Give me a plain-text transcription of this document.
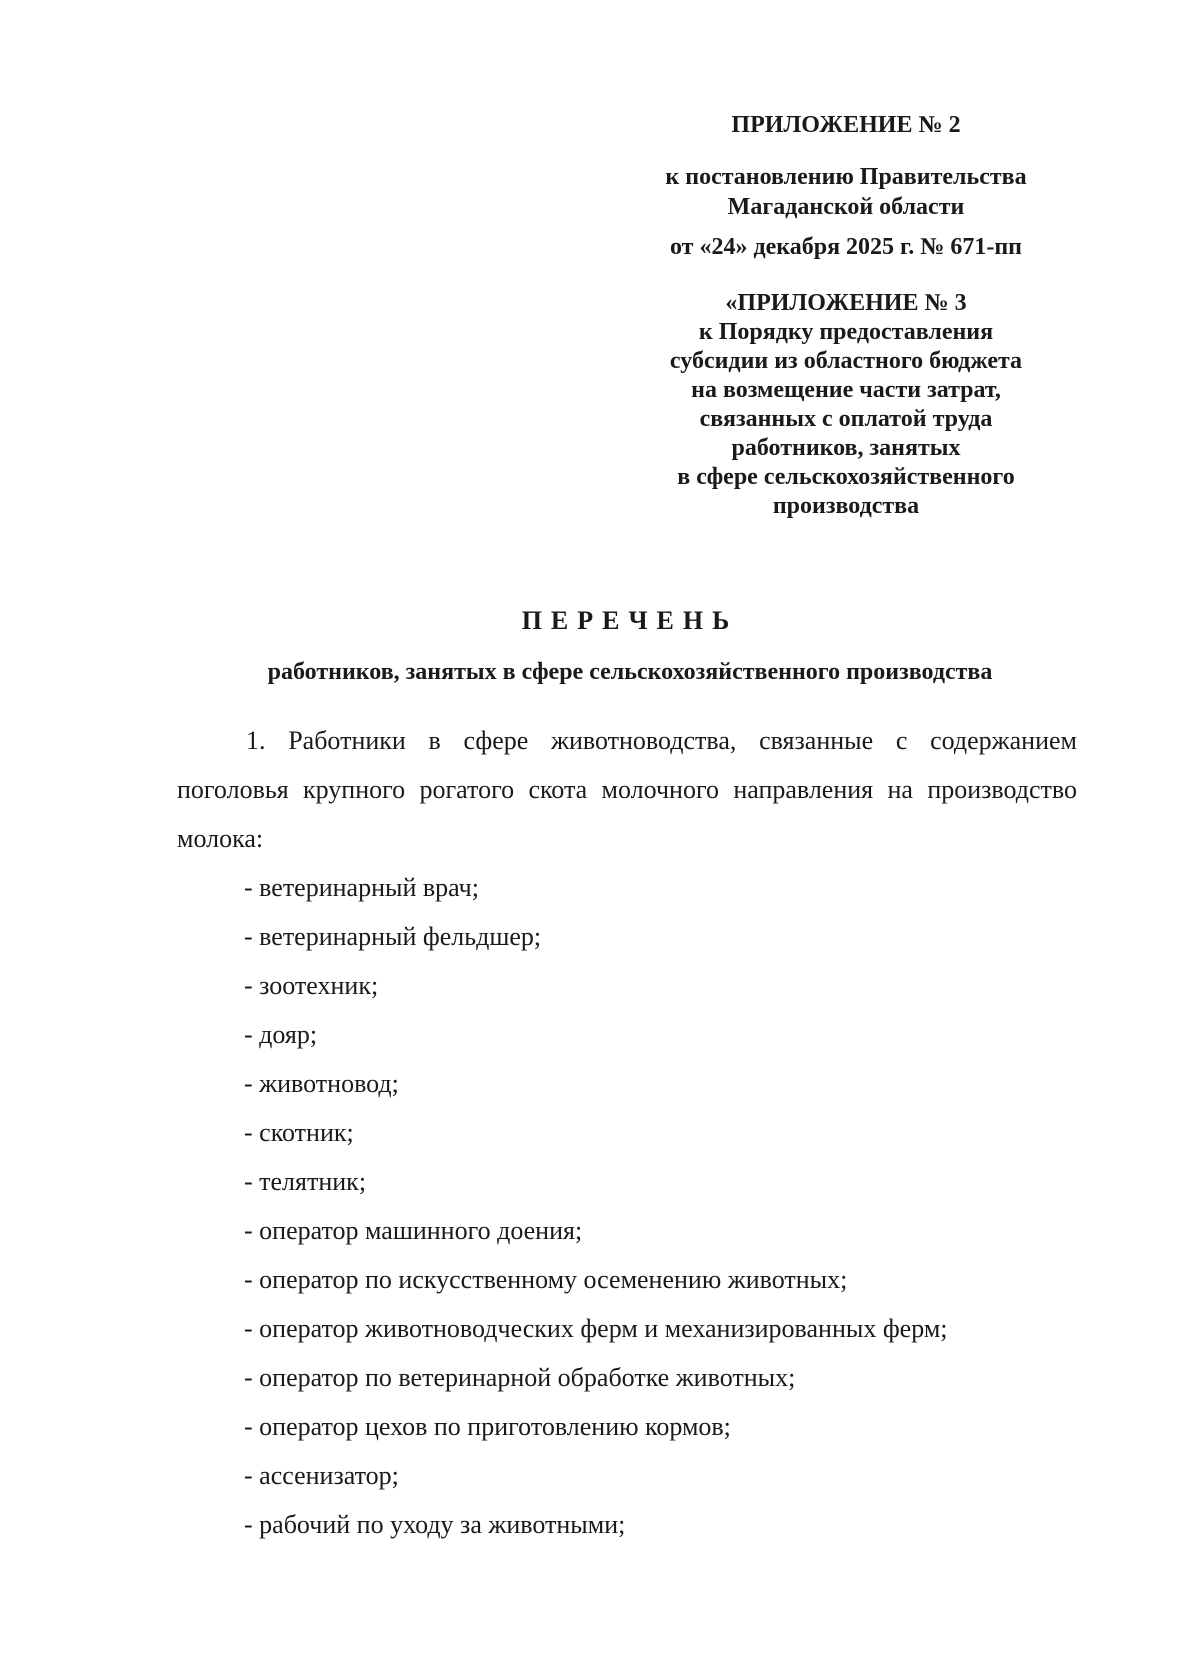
ПРИЛОЖЕНИЕ № 2

к постановлению Правительства
Магаданской области

от «24» декабря 2025 г. № 671-пп

«ПРИЛОЖЕНИЕ № 3

к Порядку предоставления
субсидии из областного бюджета
на возмещение части затрат,
связанных с оплатой труда
работников, занятых
в сфере сельскохозяйственного
производства

ПЕРЕЧЕНЬ

работников, занятых в сфере сельскохозяйственного производства

1. Работники в сфере животноводства, связанные с содержанием поголовья крупного рогатого скота молочного направления на производство молока:

- ветеринарный врач;
- ветеринарный фельдшер;
- зоотехник;
- дояр;
- животновод;
- скотник;
- телятник;
- оператор машинного доения;
- оператор по искусственному осеменению животных;
- оператор животноводческих ферм и механизированных ферм;
- оператор по ветеринарной обработке животных;
- оператор цехов по приготовлению кормов;
- ассенизатор;
- рабочий по уходу за животными;
